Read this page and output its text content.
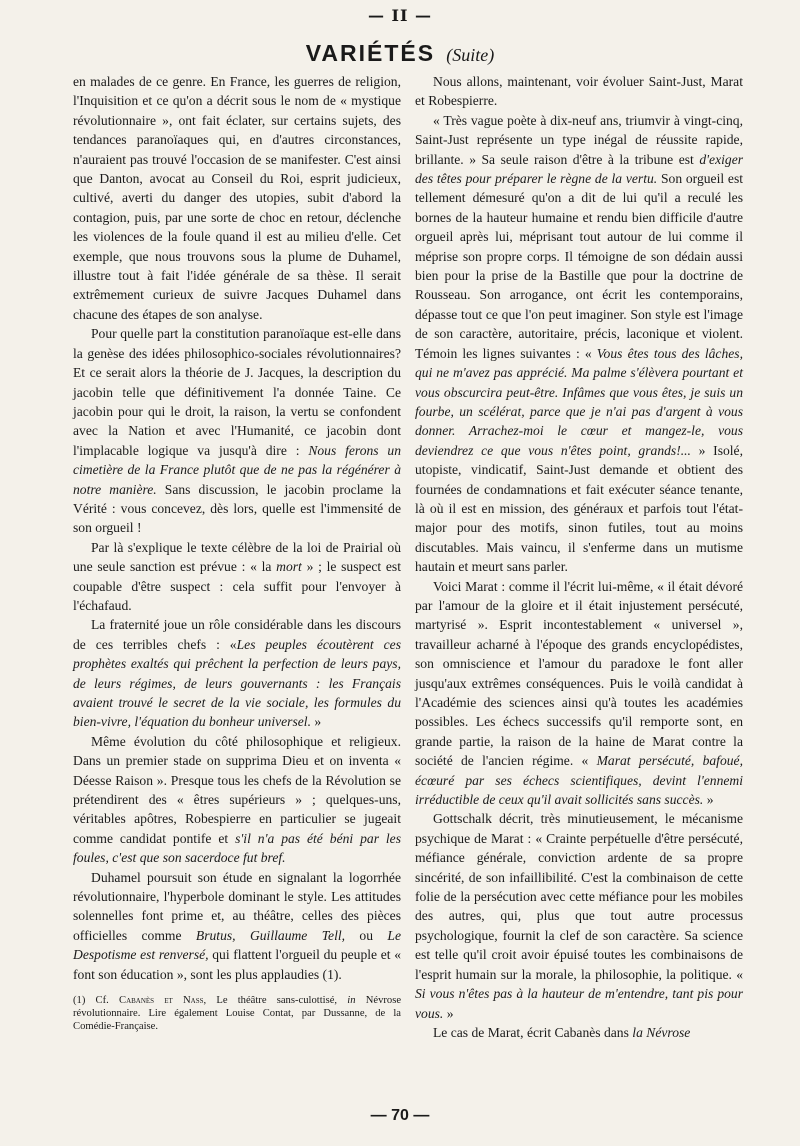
— II —
VARIÉTÉS (Suite)

en malades de ce genre. En France, les guerres de religion, l'Inquisition et ce qu'on a décrit sous le nom de « mystique révolutionnaire », ont fait éclater, sur certains sujets, des tendances paranoïaques qui, en d'autres circonstances, n'auraient pas trouvé l'occasion de se manifester. C'est ainsi que Danton, avocat au Conseil du Roi, esprit judicieux, cultivé, averti du danger des utopies, subit d'abord la contagion, puis, par une sorte de choc en retour, déclenche les violences de la foule quand il est au milieu d'elle. Cet exemple, que nous trouvons sous la plume de Duhamel, illustre tout à fait l'idée générale de sa thèse. Il serait extrêmement curieux de suivre Jacques Duhamel dans chacune des étapes de son analyse.

Pour quelle part la constitution paranoïaque est-elle dans la genèse des idées philosophico-sociales révolutionnaires? Et ce serait alors la théorie de J. Jacques, la description du jacobin telle que définitivement l'a donnée Taine. Ce jacobin pour qui le droit, la raison, la vertu se confondent avec la Nation et avec l'Humanité, ce jacobin dont l'implacable logique va jusqu'à dire : Nous ferons un cimetière de la France plutôt que de ne pas la régénérer à notre manière. Sans discussion, le jacobin proclame la Vérité : vous concevez, dès lors, quelle est l'immensité de son orgueil !

Par là s'explique le texte célèbre de la loi de Prairial où une seule sanction est prévue : « la mort » ; le suspect est coupable d'être suspect : cela suffit pour l'envoyer à l'échafaud.

La fraternité joue un rôle considérable dans les discours de ces terribles chefs : «Les peuples écoutèrent ces prophètes exaltés qui prêchent la perfection de leurs pays, de leurs régimes, de leurs gouvernants : les Français avaient trouvé le secret de la vie sociale, les formules du bien-vivre, l'équation du bonheur universel. »

Même évolution du côté philosophique et religieux. Dans un premier stade on supprima Dieu et on inventa « Déesse Raison ». Presque tous les chefs de la Révolution se prétendirent des « êtres supérieurs » ; quelques-uns, véritables apôtres, Robespierre en particulier se jugeait comme candidat pontife et s'il n'a pas été béni par les foules, c'est que son sacerdoce fut bref.

Duhamel poursuit son étude en signalant la logorrhée révolutionnaire, l'hyperbole dominant le style. Les attitudes solennelles font prime et, au théâtre, celles des pièces officielles comme Brutus, Guillaume Tell, ou Le Despotisme est renversé, qui flattent l'orgueil du peuple et « font son éducation », sont les plus applaudies (1).

(1) Cf. Cabanès et Nass, Le théâtre sans-culottisé, in Névrose révolutionnaire. Lire également Louise Contat, par Dussanne, de la Comédie-Française.

Nous allons, maintenant, voir évoluer Saint-Just, Marat et Robespierre.

« Très vague poète à dix-neuf ans, triumvir à vingt-cinq, Saint-Just représente un type inégal de réussite rapide, brillante. » Sa seule raison d'être à la tribune est d'exiger des têtes pour préparer le règne de la vertu. Son orgueil est tellement démesuré qu'on a dit de lui qu'il a reculé les bornes de la hauteur humaine et rendu bien difficile d'autre orgueil après lui, méprisant tout autour de lui comme il méprise son propre corps. Il témoigne de son dédain aussi bien pour la prise de la Bastille que pour la doctrine de Rousseau. Son arrogance, ont écrit les contemporains, dépasse tout ce que l'on peut imaginer. Son style est l'image de son caractère, autoritaire, précis, laconique et violent. Témoin les lignes suivantes : « Vous êtes tous des lâches, qui ne m'avez pas apprécié. Ma palme s'élèvera pourtant et vous obscurcira peut-être. Infâmes que vous êtes, je suis un fourbe, un scélérat, parce que je n'ai pas d'argent à vous donner. Arrachez-moi le cœur et mangez-le, vous deviendrez ce que vous n'êtes point, grands!... » Isolé, utopiste, vindicatif, Saint-Just demande et obtient des fournées de condamnations et fait exécuter séance tenante, là où il est en mission, des généraux et parfois tout l'état-major pour des motifs, sinon futiles, tout au moins discutables. Mais vaincu, il s'enferme dans un mutisme hautain et meurt sans parler.

Voici Marat : comme il l'écrit lui-même, « il était dévoré par l'amour de la gloire et il était injustement persécuté, martyrisé ». Esprit incontestablement « universel », travailleur acharné à l'époque des grands encyclopédistes, son omniscience et l'amour du paradoxe le font aller jusqu'aux extrêmes conséquences. Puis le voilà candidat à l'Académie des sciences ainsi qu'à toutes les académies possibles. Les échecs successifs qu'il remporte sont, en grande partie, la raison de la haine de Marat contre la société de l'ancien régime. « Marat persécuté, bafoué, écœuré par ses échecs scientifiques, devint l'ennemi irréductible de ceux qu'il avait sollicités sans succès. »

Gottschalk décrit, très minutieusement, le mécanisme psychique de Marat : « Crainte perpétuelle d'être persécuté, méfiance générale, conviction ardente de sa propre sincérité, de son infaillibilité. C'est la combinaison de cette folie de la persécution avec cette méfiance pour les mobiles des autres, qui, plus que tout autre processus psychologique, fournit la clef de son caractère. Sa science est telle qu'il croit avoir épuisé toutes les combinaisons de l'esprit humain sur la morale, la philosophie, la politique. « Si vous n'êtes pas à la hauteur de m'entendre, tant pis pour vous. »

Le cas de Marat, écrit Cabanès dans la Névrose

— 70 —
